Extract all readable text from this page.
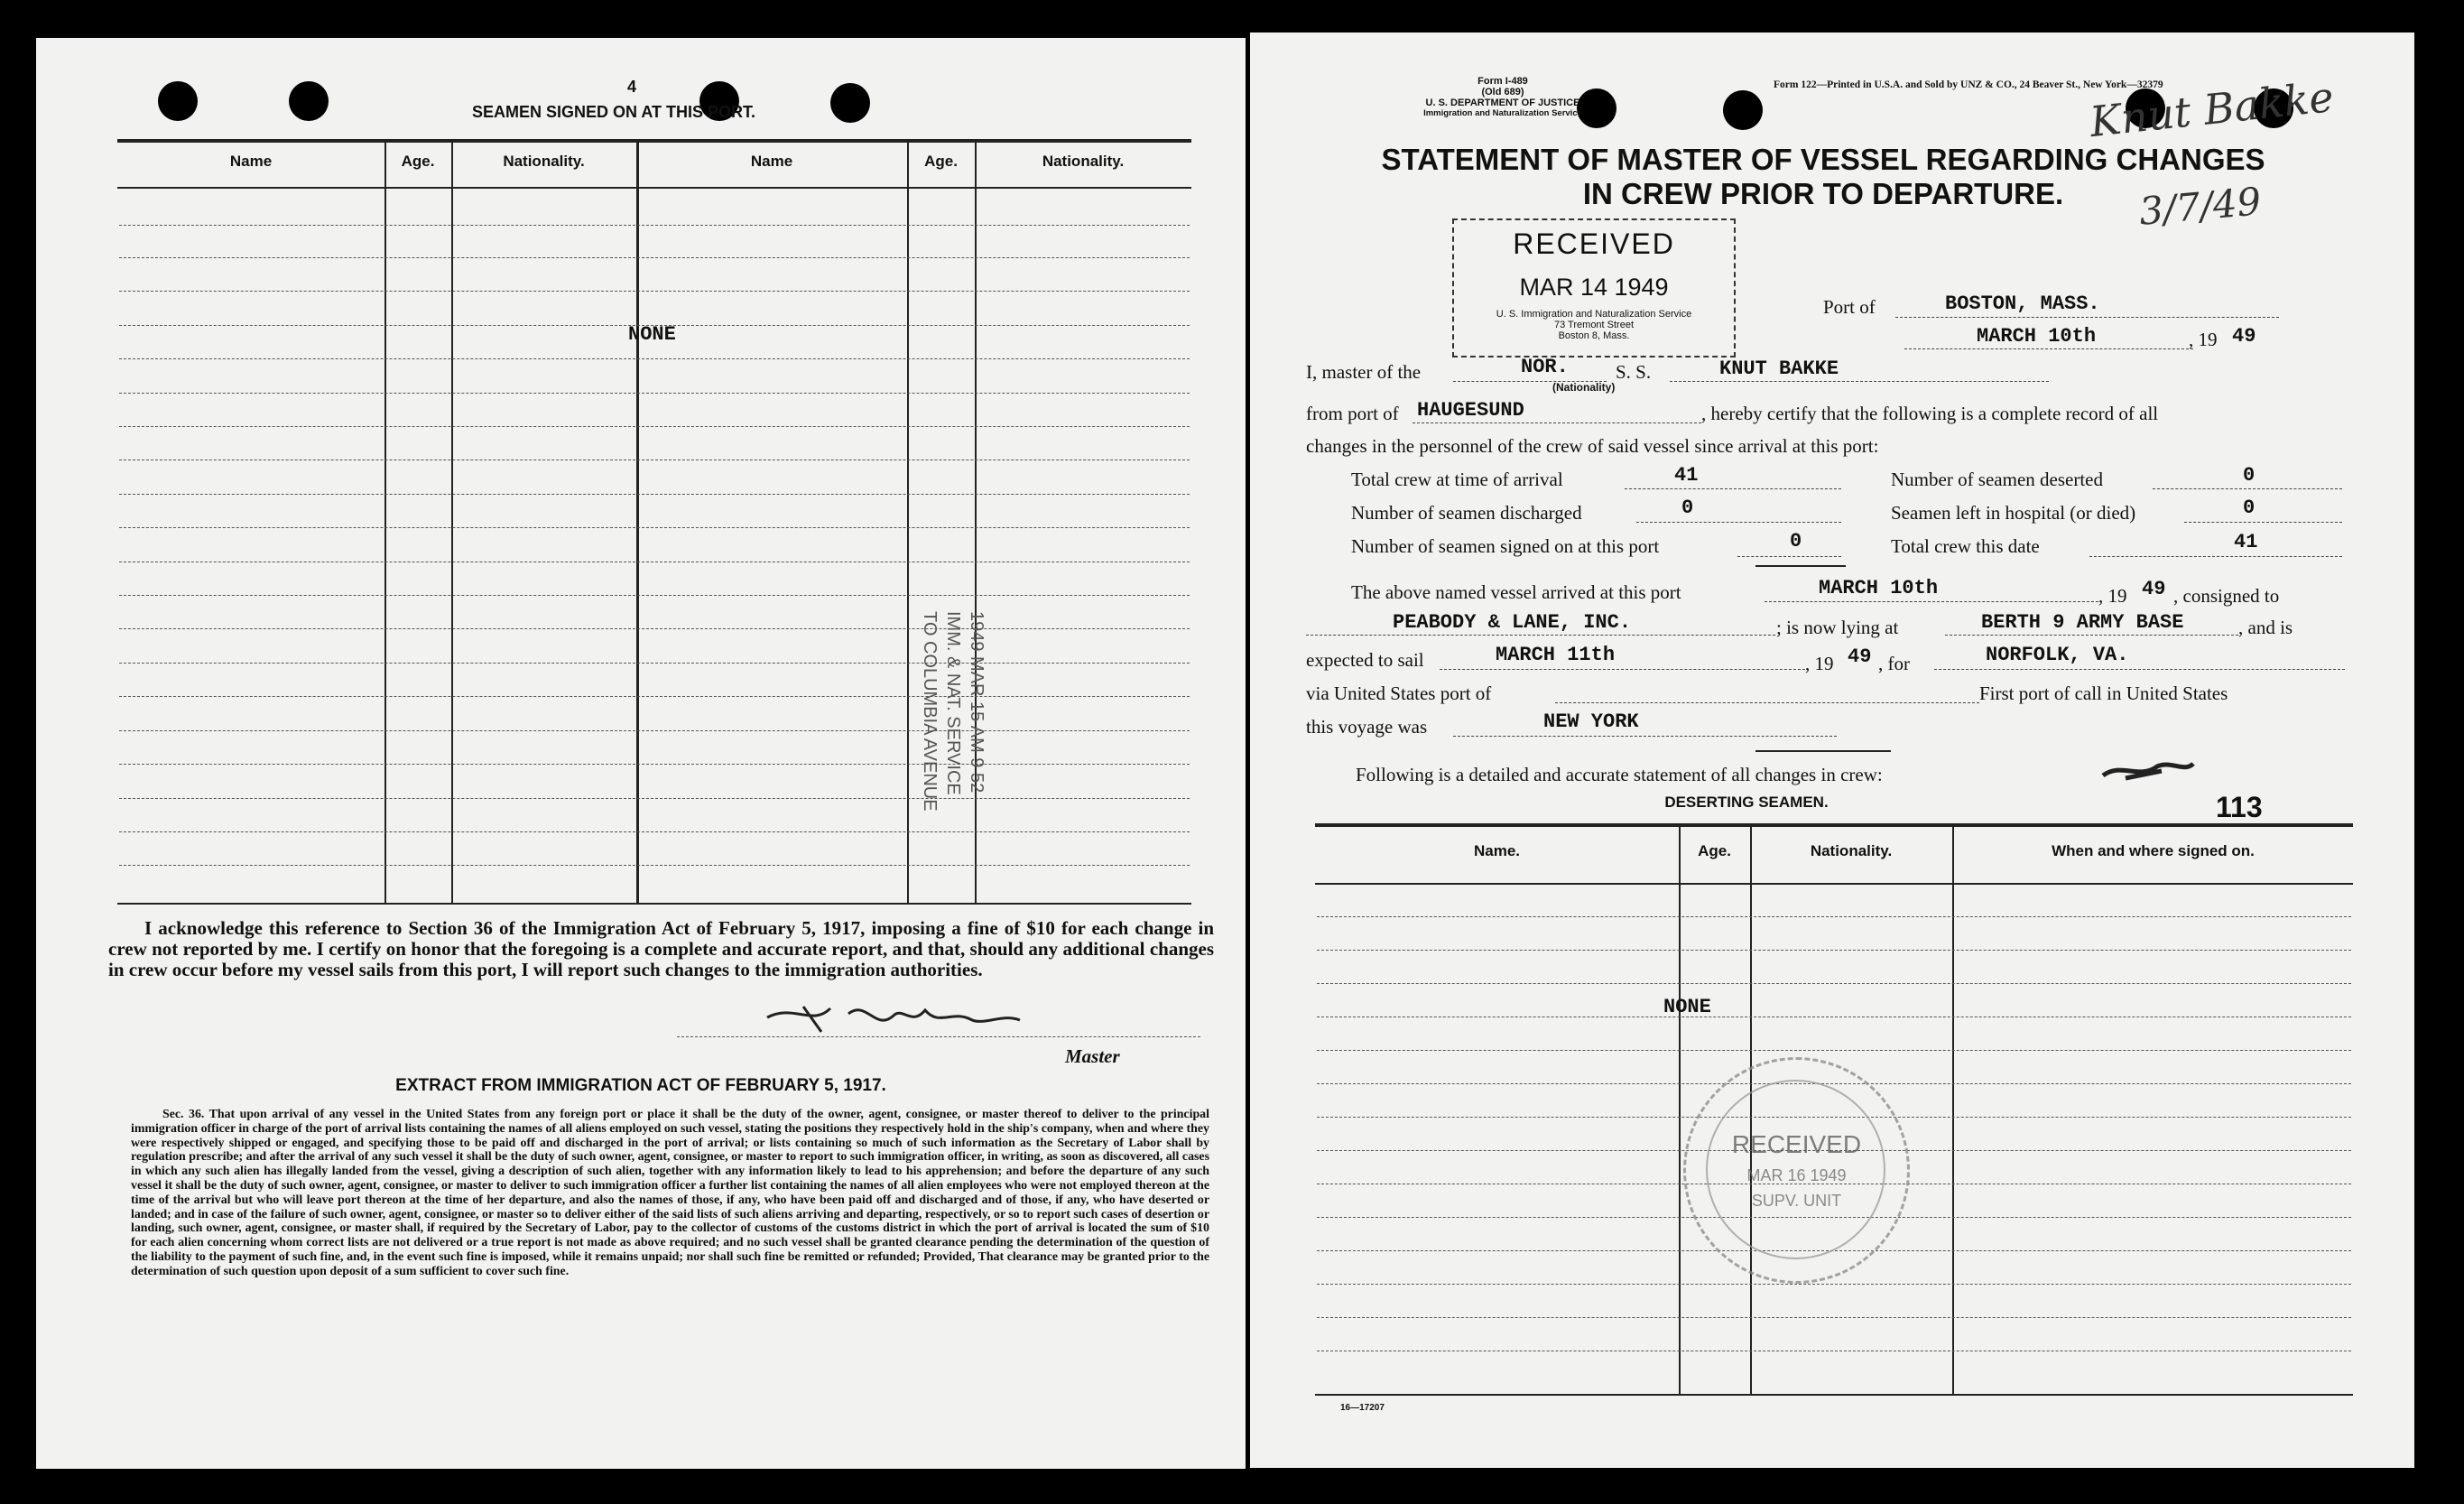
4
SEAMEN SIGNED ON AT THIS PORT.
Name	Age.	Nationality.	Name	Age.	Nationality.
NONE
1949 MAR 15 AM 9 52
IMM. & NAT. SERVICE
TO COLUMBIA AVENUE
I acknowledge this reference to Section 36 of the Immigration Act of February 5, 1917, imposing a fine of $10 for each change in crew not reported by me. I certify on honor that the foregoing is a complete and accurate report, and that, should any additional changes in crew occur before my vessel sails from this port, I will report such changes to the immigration authorities.
Master
EXTRACT FROM IMMIGRATION ACT OF FEBRUARY 5, 1917.
Sec. 36. That upon arrival of any vessel in the United States from any foreign port or place it shall be the duty of the owner, agent, consignee, or master thereof to deliver to the principal immigration officer in charge of the port of arrival lists containing the names of all aliens employed on such vessel, stating the positions they respectively hold in the ship's company, when and where they were respectively shipped or engaged, and specifying those to be paid off and discharged in the port of arrival; or lists containing so much of such information as the Secretary of Labor shall by regulation prescribe; and after the arrival of any such vessel it shall be the duty of such owner, agent, consignee, or master to report to such immigration officer, in writing, as soon as discovered, all cases in which any such alien has illegally landed from the vessel, giving a description of such alien, together with any information likely to lead to his apprehension; and before the departure of any such vessel it shall be the duty of such owner, agent, consignee, or master to deliver to such immigration officer a further list containing the names of all alien employees who were not employed thereon at the time of the arrival but who will leave port thereon at the time of her departure, and also the names of those, if any, who have been paid off and discharged and of those, if any, who have deserted or landed; and in case of the failure of such owner, agent, consignee, or master so to deliver either of the said lists of such aliens arriving and departing, respectively, or so to report such cases of desertion or landing, such owner, agent, consignee, or master shall, if required by the Secretary of Labor, pay to the collector of customs of the customs district in which the port of arrival is located the sum of $10 for each alien concerning whom correct lists are not delivered or a true report is not made as above required; and no such vessel shall be granted clearance pending the determination of the question of the liability to the payment of such fine, and, in the event such fine is imposed, while it remains unpaid; nor shall such fine be remitted or refunded; Provided, That clearance may be granted prior to the determination of such question upon deposit of a sum sufficient to cover such fine.
Form I-489
(Old 689)
U. S. DEPARTMENT OF JUSTICE
Immigration and Naturalization Service
Form 122—Printed in U.S.A. and Sold by UNZ & CO., 24 Beaver St., New York—32379
Knut Bakke
3/7/49
STATEMENT OF MASTER OF VESSEL REGARDING CHANGES
IN CREW PRIOR TO DEPARTURE.
RECEIVED
MAR 14 1949
U. S. Immigration and Naturalization Service
73 Tremont Street
Boston 8, Mass.
Port of	BOSTON, MASS.
MARCH 10th	, 19 49
I, master of the	NOR.
(Nationality)
S. S.	KNUT BAKKE
from port of HAUGESUND	, hereby certify that the following is a complete record of all
changes in the personnel of the crew of said vessel since arrival at this port:
Total crew at time of arrival	41	Number of seamen deserted	0
Number of seamen discharged	0	Seamen left in hospital (or died)	0
Number of seamen signed on at this port	0	Total crew this date	41
The above named vessel arrived at this port	MARCH 10th	, 19 49 , consigned to
PEABODY & LANE, INC.	; is now lying at	BERTH 9 ARMY BASE	, and is
expected to sail	MARCH 11th	, 19 49 , for	NORFOLK, VA.
via United States port of	First port of call in United States
this voyage was	NEW YORK
Following is a detailed and accurate statement of all changes in crew:
DESERTING SEAMEN.	113
Name.	Age.	Nationality.	When and where signed on.
NONE
RECEIVED
MAR 16 1949
SUPV. UNIT
16—17207
